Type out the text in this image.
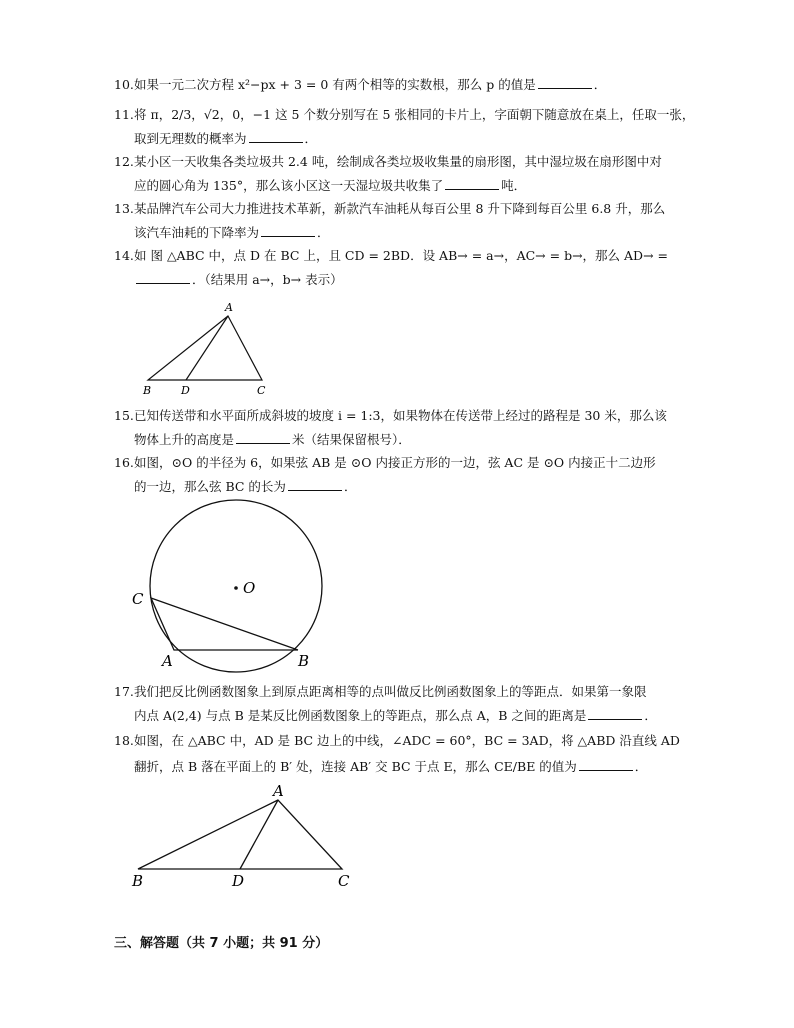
10. 如果一元二次方程 x²−px + 3 = 0 有两个相等的实数根，那么 p 的值是	．
11. 将 π，2/3，√2，0，−1 这 5 个数分别写在 5 张相同的卡片上，字面朝下随意放在桌上，任取一张，
取到无理数的概率为	．
12. 某小区一天收集各类垃圾共 2.4 吨，绘制成各类垃圾收集量的扇形图，其中湿垃圾在扇形图中对
应的圆心角为 135°，那么该小区这一天湿垃圾共收集了	吨．
13. 某品牌汽车公司大力推进技术革新，新款汽车油耗从每百公里 8 升下降到每百公里 6.8 升，那么
该汽车油耗的下降率为	．
14. 如 图 △ABC 中，点 D 在 BC 上，且 CD = 2BD．设 AB→ = a→，AC→ = b→，那么 AD→ =
．（结果用 a→，b→ 表示）
A
B	D	C
15. 已知传送带和水平面所成斜坡的坡度 i = 1:3，如果物体在传送带上经过的路程是 30 米，那么该
物体上升的高度是	米（结果保留根号）．
16. 如图，⊙O 的半径为 6，如果弦 AB 是 ⊙O 内接正方形的一边，弦 AC 是 ⊙O 内接正十二边形
的一边，那么弦 BC 的长为	．
C
O
A	B
17. 我们把反比例函数图象上到原点距离相等的点叫做反比例函数图象上的等距点．如果第一象限
内点 A(2,4) 与点 B 是某反比例函数图象上的等距点，那么点 A，B 之间的距离是	．
18. 如图，在 △ABC 中，AD 是 BC 边上的中线，∠ADC = 60°，BC = 3AD，将 △ABD 沿直线 AD
翻折，点 B 落在平面上的 B′ 处，连接 AB′ 交 BC 于点 E，那么 CE/BE 的值为	．
A
B	D	C
三、解答题（共 7 小题；共 91 分）
